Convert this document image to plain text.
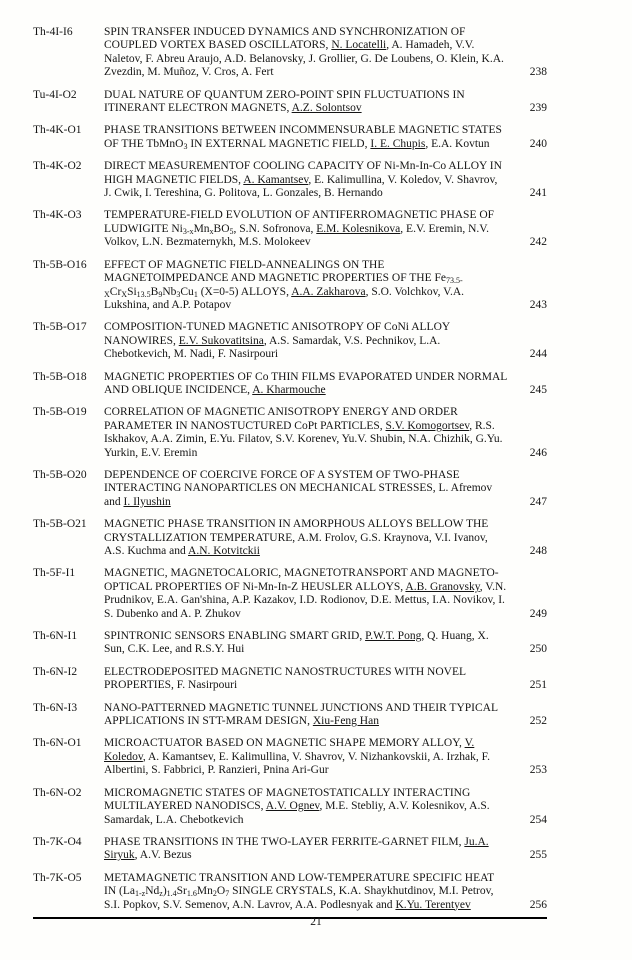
Th-4I-I6	SPIN TRANSFER INDUCED DYNAMICS AND SYNCHRONIZATION OF COUPLED VORTEX BASED OSCILLATORS, N. Locatelli, A. Hamadeh, V.V. Naletov, F. Abreu Araujo, A.D. Belanovsky, J. Grollier, G. De Loubens, O. Klein, K.A. Zvezdin, M. Muñoz, V. Cros, A. Fert	238
Tu-4I-O2	DUAL NATURE OF QUANTUM ZERO-POINT SPIN FLUCTUATIONS IN ITINERANT ELECTRON MAGNETS, A.Z. Solontsov	239
Th-4K-O1	PHASE TRANSITIONS BETWEEN INCOMMENSURABLE MAGNETIC STATES OF THE TbMnO$_3$ IN EXTERNAL MAGNETIC FIELD, I. E. Chupis, E.A. Kovtun	240
Th-4K-O2	DIRECT MEASUREMENTOF COOLING CAPACITY OF Ni-Mn-In-Co ALLOY IN HIGH MAGNETIC FIELDS, A. Kamantsev, E. Kalimullina, V. Koledov, V. Shavrov, J. Cwik, I. Tereshina, G. Politova, L. Gonzales, B. Hernando	241
Th-4K-O3	TEMPERATURE-FIELD EVOLUTION OF ANTIFERROMAGNETIC PHASE OF LUDWIGITE $Ni_{3-x}Mn_xBO_5$, S.N. Sofronova, E.M. Kolesnikova, E.V. Eremin, N.V. Volkov, L.N. Bezmaternykh, M.S. Molokeev	242
Th-5B-O16	EFFECT OF MAGNETIC FIELD-ANNEALINGS ON THE MAGNETOIMPEDANCE AND MAGNETIC PROPERTIES OF THE $Fe_{73.5-X}Cr_XSi_{13.5}B_9Nb_3Cu_1$ (X=0-5) ALLOYS, A.A. Zakharova, S.O. Volchkov, V.A. Lukshina, and A.P. Potapov	243
Th-5B-O17	COMPOSITION-TUNED MAGNETIC ANISOTROPY OF CoNi ALLOY NANOWIRES, E.V. Sukovatitsina, A.S. Samardak, V.S. Pechnikov, L.A. Chebotkevich, M. Nadi, F. Nasirpouri	244
Th-5B-O18	MAGNETIC PROPERTIES OF Co THIN FILMS EVAPORATED UNDER NORMAL AND OBLIQUE INCIDENCE, A. Kharmouche	245
Th-5B-O19	CORRELATION OF MAGNETIC ANISOTROPY ENERGY AND ORDER PARAMETER IN NANOSTUCTURED CoPt PARTICLES, S.V. Komogortsev, R.S. Iskhakov, A.A. Zimin, E.Yu. Filatov, S.V. Korenev, Yu.V. Shubin, N.A. Chizhik, G.Yu. Yurkin, E.V. Eremin	246
Th-5B-O20	DEPENDENCE OF COERCIVE FORCE OF A SYSTEM OF TWO-PHASE INTERACTING NANOPARTICLES ON MECHANICAL STRESSES, L. Afremov and I. Ilyushin	247
Th-5B-O21	MAGNETIC PHASE TRANSITION IN AMORPHOUS ALLOYS BELLOW THE CRYSTALLIZATION TEMPERATURE, A.M. Frolov, G.S. Kraynova, V.I. Ivanov, A.S. Kuchma and A.N. Kotvitckii	248
Th-5F-I1	MAGNETIC, MAGNETOCALORIC, MAGNETOTRANSPORT AND MAGNETO-OPTICAL PROPERTIES OF Ni-Mn-In-Z HEUSLER ALLOYS, A.B. Granovsky, V.N. Prudnikov, E.A. Gan'shina, A.P. Kazakov, I.D. Rodionov, D.E. Mettus, I.A. Novikov, I. S. Dubenko and A. P. Zhukov	249
Th-6N-I1	SPINTRONIC SENSORS ENABLING SMART GRID, P.W.T. Pong, Q. Huang, X. Sun, C.K. Lee, and R.S.Y. Hui	250
Th-6N-I2	ELECTRODEPOSITED MAGNETIC NANOSTRUCTURES WITH NOVEL PROPERTIES, F. Nasirpouri	251
Th-6N-I3	NANO-PATTERNED MAGNETIC TUNNEL JUNCTIONS AND THEIR TYPICAL APPLICATIONS IN STT-MRAM DESIGN, Xiu-Feng Han	252
Th-6N-O1	MICROACTUATOR BASED ON MAGNETIC SHAPE MEMORY ALLOY, V. Koledov, A. Kamantsev, E. Kalimullina, V. Shavrov, V. Nizhankovskii, A. Irzhak, F. Albertini, S. Fabbrici, P. Ranzieri, Pnina Ari-Gur	253
Th-6N-O2	MICROMAGNETIC STATES OF MAGNETOSTATICALLY INTERACTING MULTILAYERED NANODISCS, A.V. Ognev, M.E. Stebliy, A.V. Kolesnikov, A.S. Samardak, L.A. Chebotkevich	254
Th-7K-O4	PHASE TRANSITIONS IN THE TWO-LAYER FERRITE-GARNET FILM, Ju.A. Siryuk, A.V. Bezus	255
Th-7K-O5	METAMAGNETIC TRANSITION AND LOW-TEMPERATURE SPECIFIC HEAT IN $(La_{1-z}Nd_z)_{1.4}Sr_{1.6}Mn_2O_7$ SINGLE CRYSTALS, K.A. Shaykhutdinov, M.I. Petrov, S.I. Popkov, S.V. Semenov, A.N. Lavrov, A.A. Podlesnyak and K.Yu. Terentyev	256
21
